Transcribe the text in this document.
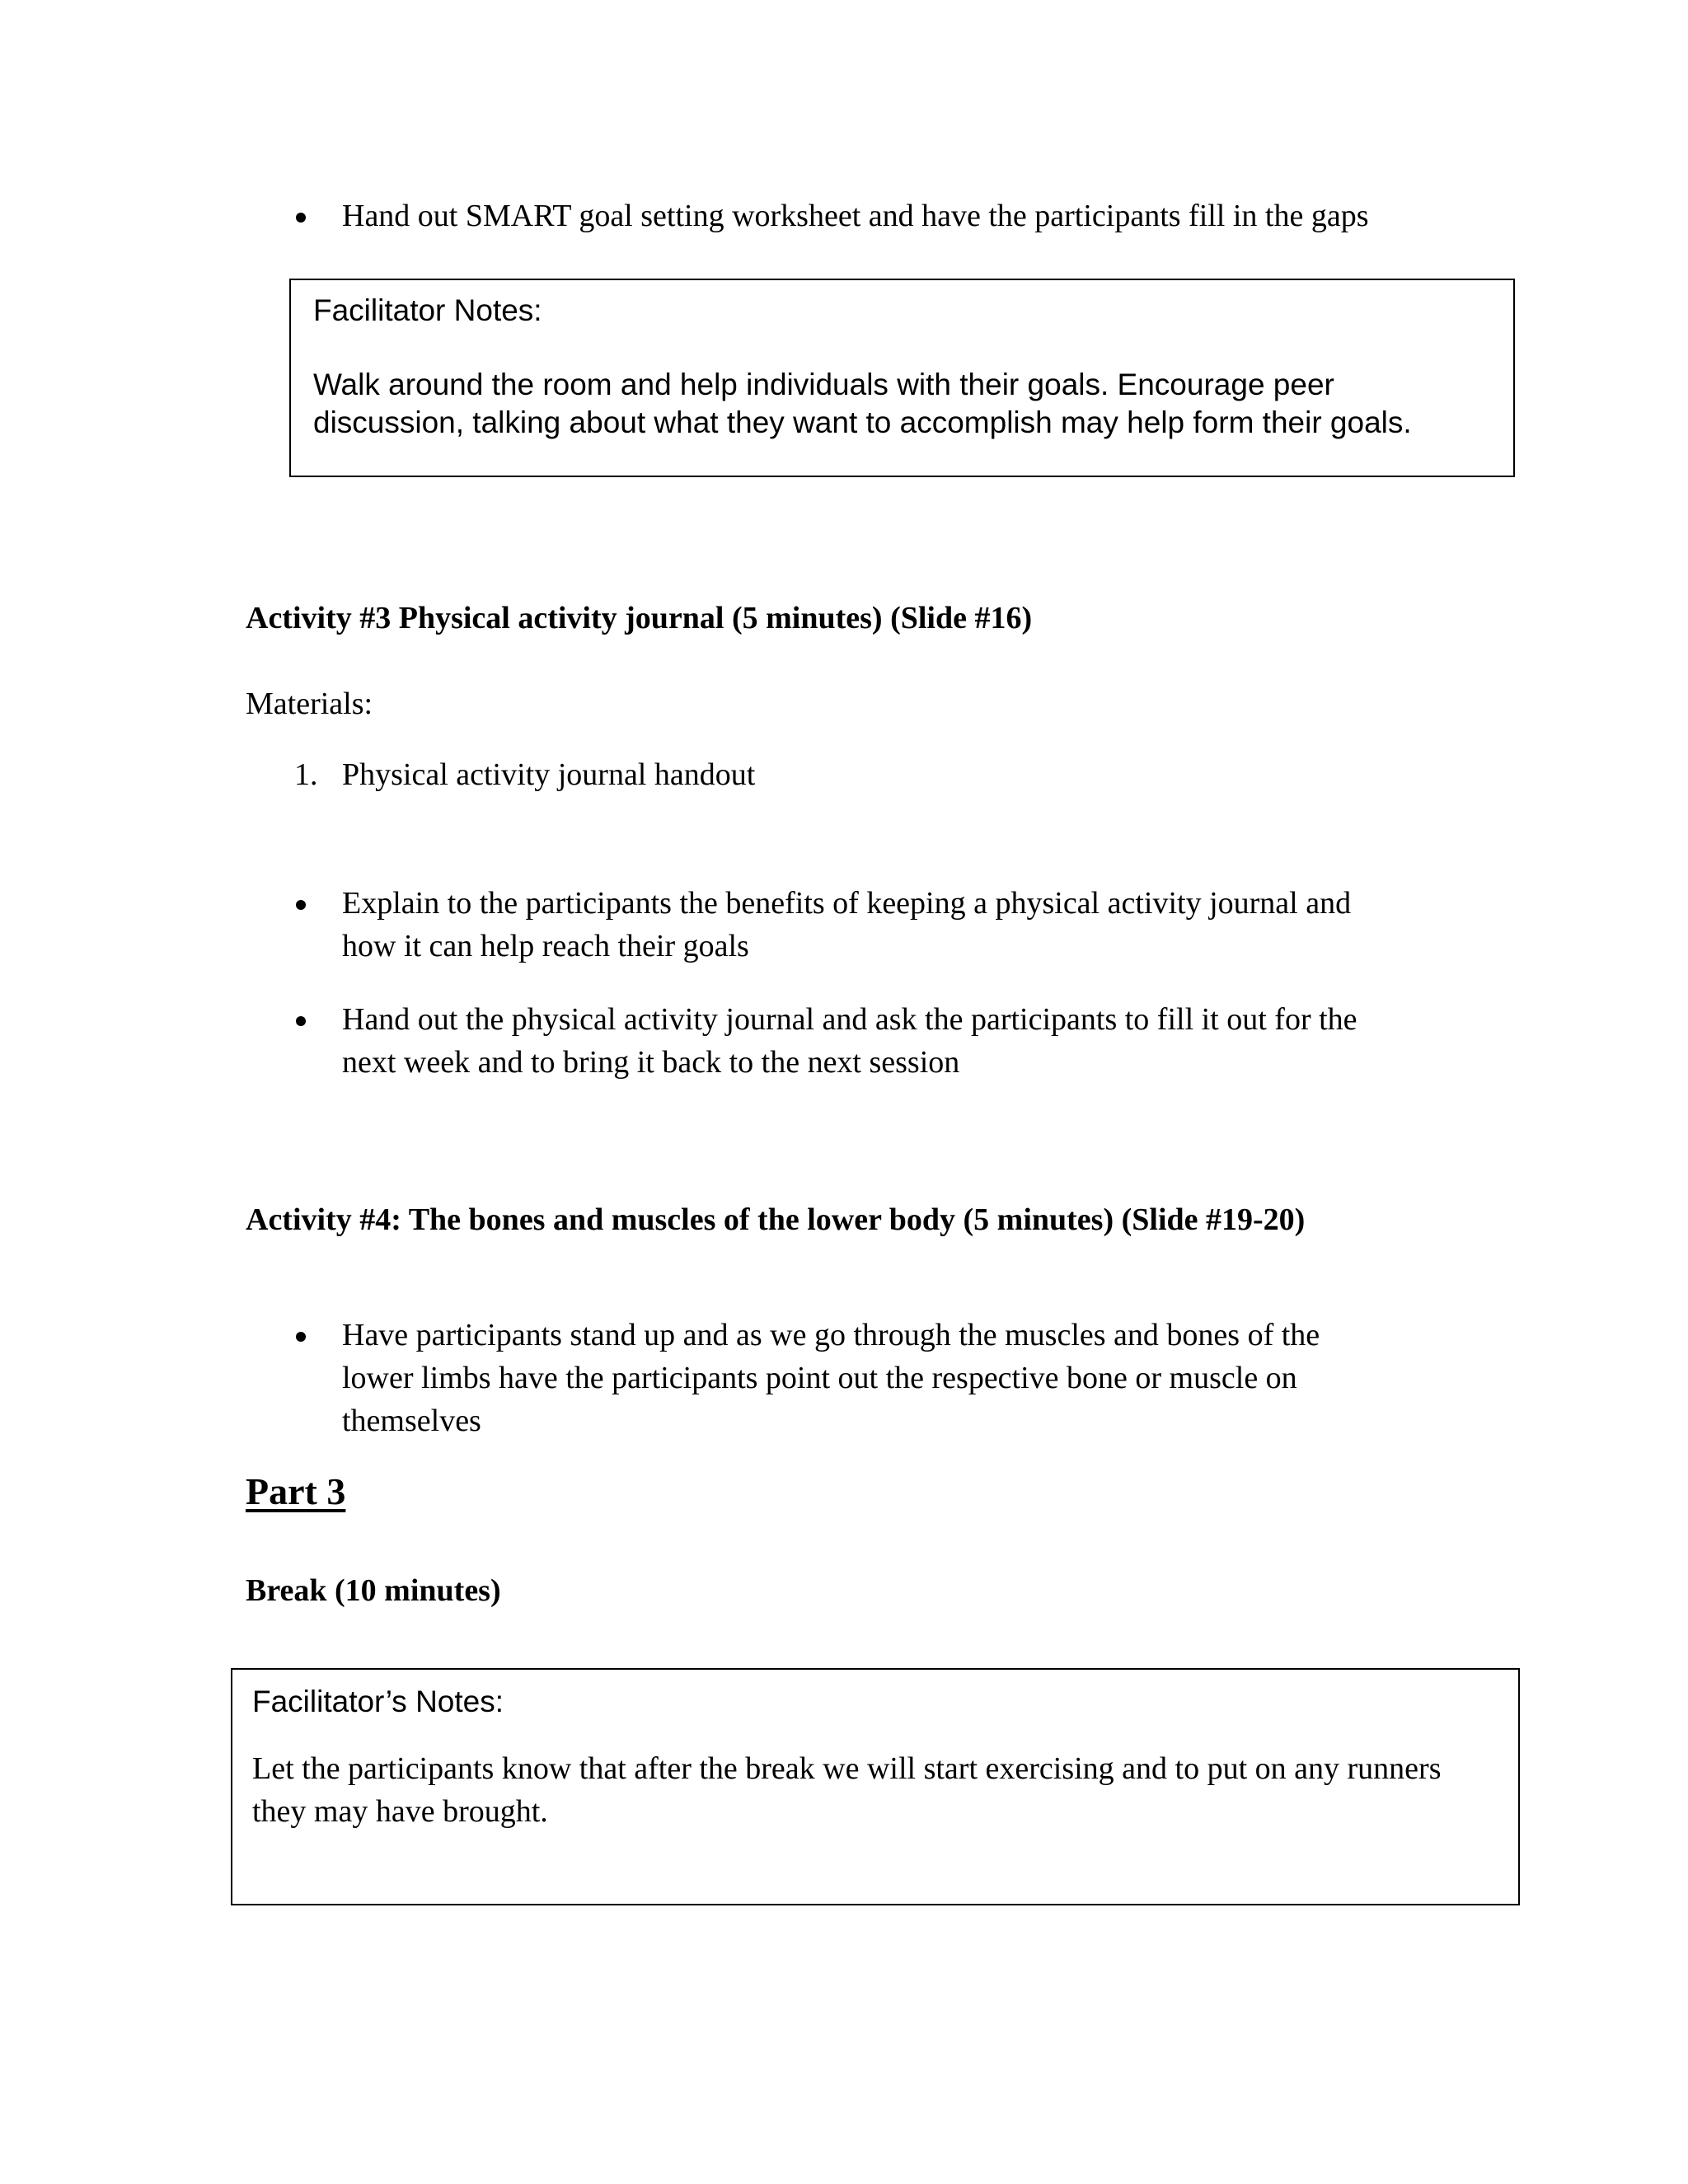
Hand out SMART goal setting worksheet and have the participants fill in the gaps
Facilitator Notes:
Walk around the room and help individuals with their goals. Encourage peer
discussion, talking about what they want to accomplish may help form their goals.
Activity #3 Physical activity journal (5 minutes) (Slide #16)
Materials:
1. Physical activity journal handout
Explain to the participants the benefits of keeping a physical activity journal and
how it can help reach their goals
Hand out the physical activity journal and ask the participants to fill it out for the
next week and to bring it back to the next session
Activity #4: The bones and muscles of the lower body (5 minutes) (Slide #19-20)
Have participants stand up and as we go through the muscles and bones of the
lower limbs have the participants point out the respective bone or muscle on
themselves
Part 3
Break (10 minutes)
Facilitator’s Notes:
Let the participants know that after the break we will start exercising and to put on any runners
they may have brought.
